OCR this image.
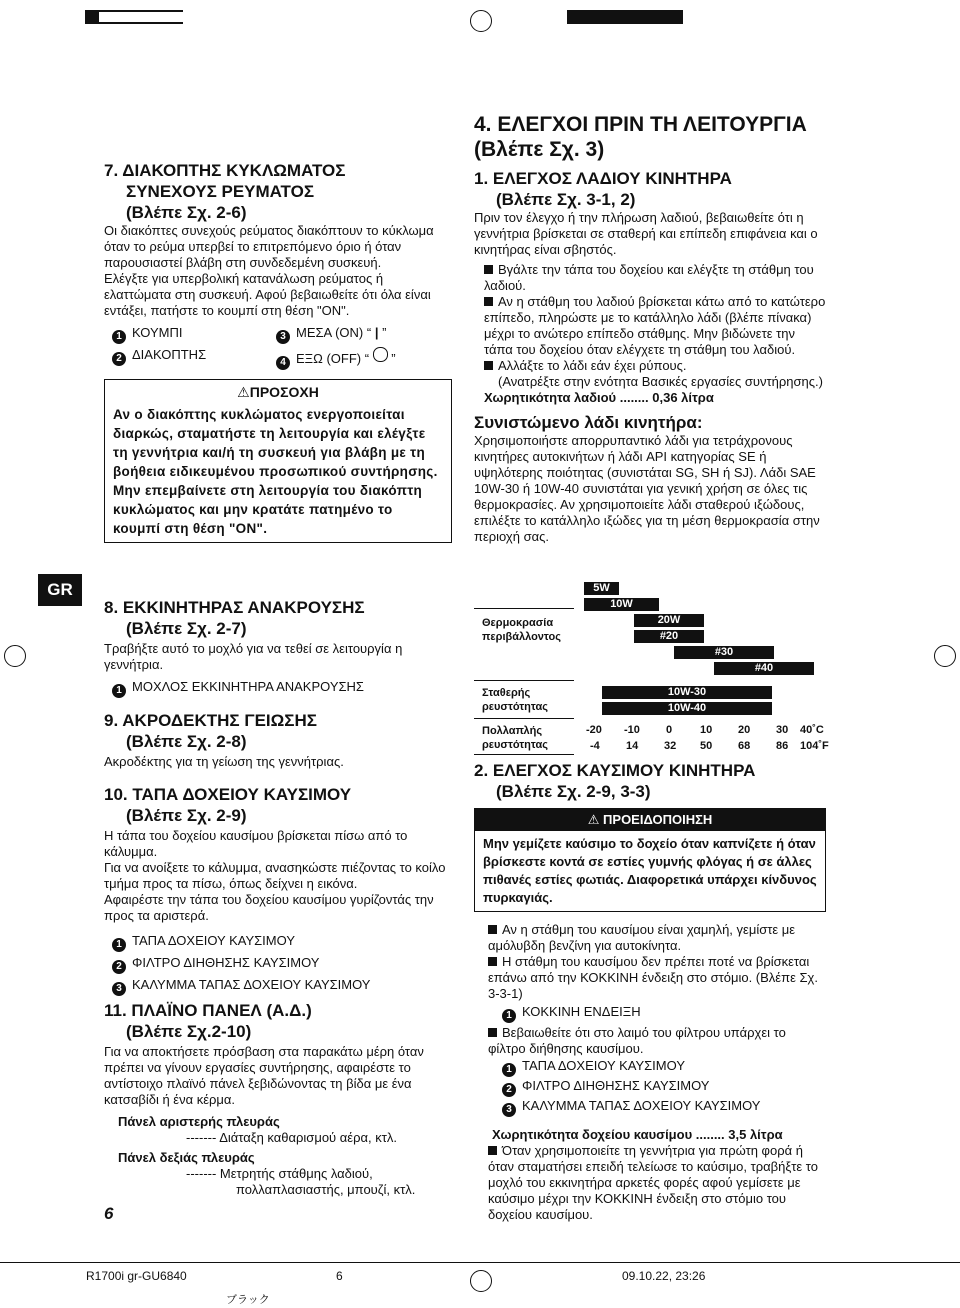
GR
7. ΔΙΑΚΟΠΤΗΣ ΚΥΚΛΩΜΑΤΟΣ
ΣΥΝΕΧΟΥΣ ΡΕΥΜΑΤΟΣ
(Βλέπε Σχ. 2-6)
Οι διακόπτες συνεχούς ρεύματος διακόπτουν το κύκλωμα όταν το ρεύμα υπερβεί το επιτρεπόμενο όριο ή όταν παρουσιαστεί βλάβη στη συνδεδεμένη συσκευή.
Ελέγξτε για υπερβολική κατανάλωση ρεύματος ή ελαττώματα στη συσκευή. Αφού βεβαιωθείτε ότι όλα είναι εντάξει, πατήστε το κουμπί στη θέση "ON".
1 ΚΟΥΜΠΙ	3 ΜΕΣΑ (ON) “ | ”
2 ΔΙΑΚΟΠΤΗΣ
4 ΕΞΩ (OFF) “  ”
⚠ΠΡΟΣΟΧΗ
Αν ο διακόπτης κυκλώματος ενεργοποιείται διαρκώς, σταματήστε τη λειτουργία και ελέγξτε τη γεννήτρια και/ή τη συσκευή για βλάβη με τη βοήθεια ειδικευμένου προσωπικού συντήρησης. Μην επεμβαίνετε στη λειτουργία του διακόπτη κυκλώματος και μην κρατάτε πατημένο το κουμπί στη θέση "ON".
8. ΕΚΚΙΝΗΤΗΡΑΣ ΑΝΑΚΡΟΥΣΗΣ
(Βλέπε Σχ. 2-7)
Τραβήξτε αυτό το μοχλό για να τεθεί σε λειτουργία η γεννήτρια.
1 ΜΟΧΛΟΣ ΕΚΚΙΝΗΤΗΡΑ ΑΝΑΚΡΟΥΣΗΣ
9. ΑΚΡΟΔΕΚΤΗΣ ΓΕΙΩΣΗΣ
(Βλέπε Σχ. 2-8)
Ακροδέκτης για τη γείωση της γεννήτριας.
10. ΤΑΠΑ ΔΟΧΕΙΟΥ ΚΑΥΣΙΜΟΥ
(Βλέπε Σχ. 2-9)
Η τάπα του δοχείου καυσίμου βρίσκεται πίσω από το κάλυμμα.
Για να ανοίξετε το κάλυμμα, ανασηκώστε πιέζοντας το κοίλο τμήμα προς τα πίσω, όπως δείχνει η εικόνα.
Αφαιρέστε την τάπα του δοχείου καυσίμου γυρίζοντάς την προς τα αριστερά.
1 ΤΑΠΑ ΔΟΧΕΙΟΥ ΚΑΥΣΙΜΟΥ
2 ΦΙΛΤΡΟ ΔΙΗΘΗΣΗΣ ΚΑΥΣΙΜΟΥ
3 ΚΑΛΥΜΜΑ ΤΑΠΑΣ ΔΟΧΕΙΟΥ ΚΑΥΣΙΜΟΥ
11. ΠΛΑΪΝΟ ΠΑΝΕΛ (Α.Δ.)
(Βλέπε Σχ.2-10)
Για να αποκτήσετε πρόσβαση στα παρακάτω μέρη όταν πρέπει να γίνουν εργασίες συντήρησης, αφαιρέστε το αντίστοιχο πλαϊνό πάνελ ξεβιδώνοντας τη βίδα με ένα κατσαβίδι ή ένα κέρμα.
Πάνελ αριστερής πλευράς
------- Διάταξη καθαρισμού αέρα, κτλ.
Πάνελ δεξιάς πλευράς
------- Μετρητής στάθμης λαδιού,
πολλαπλασιαστής, μπουζί, κτλ.
6
4. ΕΛΕΓΧΟΙ ΠΡΙΝ ΤΗ ΛΕΙΤΟΥΡΓΙΑ
(Βλέπε Σχ. 3)
1. ΕΛΕΓΧΟΣ ΛΑΔΙΟΥ ΚΙΝΗΤΗΡΑ
(Βλέπε Σχ. 3-1, 2)
Πριν τον έλεγχο ή την πλήρωση λαδιού, βεβαιωθείτε ότι η γεννήτρια βρίσκεται σε σταθερή και επίπεδη επιφάνεια και ο κινητήρας είναι σβηστός.
Βγάλτε την τάπα του δοχείου και ελέγξτε τη στάθμη του λαδιού.
Αν η στάθμη του λαδιού βρίσκεται κάτω από το κατώτερο επίπεδο, πληρώστε με το κατάλληλο λάδι (βλέπε πίνακα) μέχρι το ανώτερο επίπεδο στάθμης. Μην βιδώνετε την τάπα του δοχείου όταν ελέγχετε τη στάθμη του λαδιού.
Αλλάξτε το λάδι εάν έχει ρύπους.
(Ανατρέξτε στην ενότητα Βασικές εργασίες συντήρησης.)
Χωρητικότητα λαδιού ........ 0,36 λίτρα
Συνιστώμενο λάδι κινητήρα:
Χρησιμοποιήστε απορρυπαντικό λάδι για τετράχρονους κινητήρες αυτοκινήτων ή λάδι API κατηγορίας SE ή υψηλότερης ποιότητας (συνιστάται SG, SH ή SJ). Λάδι SAE 10W-30 ή 10W-40 συνιστάται για γενική χρήση σε όλες τις θερμοκρασίες. Αν χρησιμοποιείτε λάδι σταθερού ιξώδους, επιλέξτε το κατάλληλο ιξώδες για τη μέση θερμοκρασία στην περιοχή σας.
Θερμοκρασία περιβάλλοντος
Σταθερής ρευστότητας
Πολλαπλής ρευστότητας
5W
10W
20W
#20
#30
#40
10W-30
10W-40
-20 -10 0	10 20 30 40˚C
-4 14 32 50 68 86 104˚F
2. ΕΛΕΓΧΟΣ ΚΑΥΣΙΜΟΥ ΚΙΝΗΤΗΡΑ
(Βλέπε Σχ. 2-9, 3-3)
⚠ ΠΡΟΕΙΔΟΠΟΙΗΣΗ
Μην γεμίζετε καύσιμο το δοχείο όταν καπνίζετε ή όταν βρίσκεστε κοντά σε εστίες γυμνής φλόγας ή σε άλλες πιθανές εστίες φωτιάς. Διαφορετικά υπάρχει κίνδυνος πυρκαγιάς.
Αν η στάθμη του καυσίμου είναι χαμηλή, γεμίστε με αμόλυβδη βενζίνη για αυτοκίνητα.
Η στάθμη του καυσίμου δεν πρέπει ποτέ να βρίσκεται επάνω από την ΚΟΚΚΙΝΗ ένδειξη στο στόμιο. (Βλέπε Σχ. 3-3-1)
1 ΚΟΚΚΙΝΗ ΕΝΔΕΙΞΗ
Βεβαιωθείτε ότι στο λαιμό του φίλτρου υπάρχει το φίλτρο διήθησης καυσίμου.
1 ΤΑΠΑ ΔΟΧΕΙΟΥ ΚΑΥΣΙΜΟΥ
2 ΦΙΛΤΡΟ ΔΙΗΘΗΣΗΣ ΚΑΥΣΙΜΟΥ
3 ΚΑΛΥΜΜΑ ΤΑΠΑΣ ΔΟΧΕΙΟΥ ΚΑΥΣΙΜΟΥ
Χωρητικότητα δοχείου καυσίμου ........ 3,5 λίτρα
Όταν χρησιμοποιείτε τη γεννήτρια για πρώτη φορά ή όταν σταματήσει επειδή τελείωσε το καύσιμο, τραβήξτε το μοχλό του εκκινητήρα αρκετές φορές αφού γεμίσετε με καύσιμο μέχρι την ΚΟΚΚΙΝΗ ένδειξη στο στόμιο του δοχείου καυσίμου.
R1700i gr-GU6840	6	09.10.22, 23:26
ブラック
